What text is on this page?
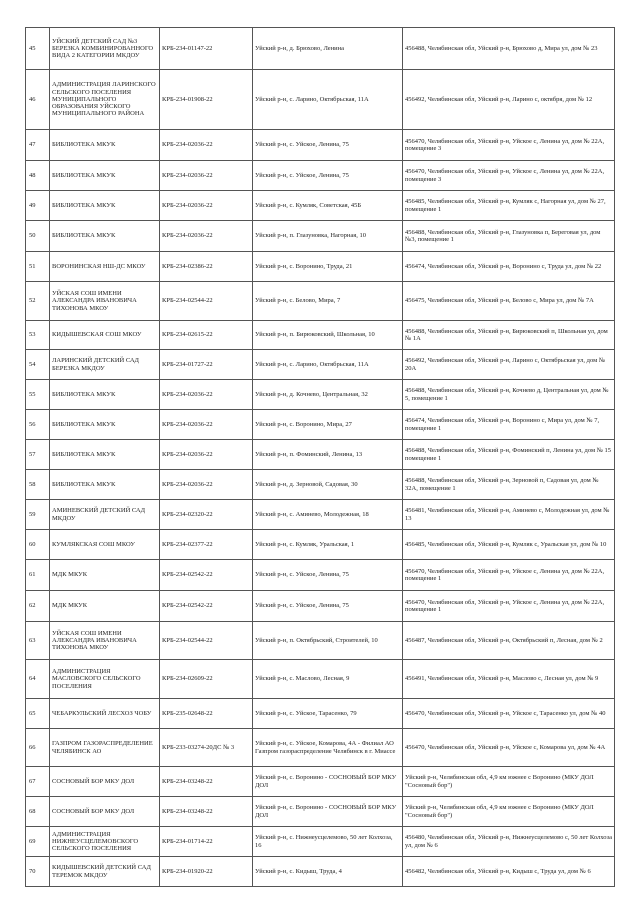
45	УЙСКИЙ ДЕТСКИЙ САД №3 БЕРЕЗКА КОМБИНИРОВАННОГО ВИДА 2 КАТЕГОРИИ МКДОУ	КРБ-234-01147-22	Уйский р-н, д. Брюхово, Ленина	456488, Челябинская обл, Уйский р-н, Брюхово д, Мира ул, дом № 23
46	АДМИНИСТРАЦИЯ ЛАРИНСКОГО СЕЛЬСКОГО ПОСЕЛЕНИЯ МУНИЦИПАЛЬНОГО ОБРАЗОВАНИЯ УЙСКОГО МУНИЦИПАЛЬНОГО РАЙОНА	КРБ-234-01908-22	Уйский р-н, с. Ларино, Октябрьская, 11А	456492, Челябинская обл, Уйский р-н, Ларино с, октября, дом № 12
47	БИБЛИОТЕКА МКУК	КРБ-234-02036-22	Уйский р-н, с. Уйское, Ленина, 75	456470, Челябинская обл, Уйский р-н, Уйское с, Ленина ул, дом № 22А, помещение 3
48	БИБЛИОТЕКА МКУК	КРБ-234-02036-22	Уйский р-н, с. Уйское, Ленина, 75	456470, Челябинская обл, Уйский р-н, Уйское с, Ленина ул, дом № 22А, помещение 3
49	БИБЛИОТЕКА МКУК	КРБ-234-02036-22	Уйский р-н, с. Кумляк, Советская, 45Б	456485, Челябинская обл, Уйский р-н, Кумляк с, Нагорная ул, дом № 27, помещение 1
50	БИБЛИОТЕКА МКУК	КРБ-234-02036-22	Уйский р-н, п. Глазуновка, Нагорная, 10	456488, Челябинская обл, Уйский р-н, Глазуновка п, Береговая ул, дом №3, помещение 1
51	ВОРОНИНСКАЯ НШ-ДС МКОУ	КРБ-234-02386-22	Уйский р-н, с. Воронино, Труда, 21	456474, Челябинская обл, Уйский р-н, Воронино с, Труда ул, дом № 22
52	УЙСКАЯ СОШ ИМЕНИ АЛЕКСАНДРА ИВАНОВИЧА ТИХОНОВА МКОУ	КРБ-234-02544-22	Уйский р-н, с. Белово, Мира, 7	456475, Челябинская обл, Уйский р-н, Белово с, Мира ул, дом № 7А
53	КИДЫШЕВСКАЯ СОШ МКОУ	КРБ-234-02615-22	Уйский р-н, п. Бирюковский, Школьная, 10	456488, Челябинская обл, Уйский р-н, Бирюковский п, Школьная ул, дом № 1А
54	ЛАРИНСКИЙ ДЕТСКИЙ САД БЕРЕЗКА МКДОУ	КРБ-234-01727-22	Уйский р-н, с. Ларино, Октябрьская, 11А	456492, Челябинская обл, Уйский р-н, Ларино с, Октябрьская ул, дом № 20А
55	БИБЛИОТЕКА МКУК	КРБ-234-02036-22	Уйский р-н, д. Кочнево, Центральная, 32	456488, Челябинская обл, Уйский р-н, Кочнево д, Центральная ул, дом № 5, помещение 1
56	БИБЛИОТЕКА МКУК	КРБ-234-02036-22	Уйский р-н, с. Воронино, Мира, 27	456474, Челябинская обл, Уйский р-н, Воронино с, Мира ул, дом № 7, помещение 1
57	БИБЛИОТЕКА МКУК	КРБ-234-02036-22	Уйский р-н, п. Фоминский, Ленина, 13	456488, Челябинская обл, Уйский р-н, Фоминский п, Ленина ул, дом № 15 помещение 1
58	БИБЛИОТЕКА МКУК	КРБ-234-02036-22	Уйский р-н, д. Зерновой, Садовая, 30	456488, Челябинская обл, Уйский р-н, Зерновой п, Садовая ул, дом № 32А, помещение 1
59	АМИНЕВСКИЙ ДЕТСКИЙ САД МКДОУ	КРБ-234-02320-22	Уйский р-н, с. Аминево, Молодежная, 18	456481, Челябинская обл, Уйский р-н, Аминево с, Молодежная ул, дом № 13
60	КУМЛЯКСКАЯ СОШ МКОУ	КРБ-234-02377-22	Уйский р-н, с. Кумляк, Уральская, 1	456485, Челябинская обл, Уйский р-н, Кумляк с, Уральская ул, дом № 10
61	МДК МКУК	КРБ-234-02542-22	Уйский р-н, с. Уйское, Ленина, 75	456470, Челябинская обл, Уйский р-н, Уйское с, Ленина ул, дом № 22А, помещение 1
62	МДК МКУК	КРБ-234-02542-22	Уйский р-н, с. Уйское, Ленина, 75	456470, Челябинская обл, Уйский р-н, Уйское с, Ленина ул, дом № 22А, помещение 1
63	УЙСКАЯ СОШ ИМЕНИ АЛЕКСАНДРА ИВАНОВИЧА ТИХОНОВА МКОУ	КРБ-234-02544-22	Уйский р-н, п. Октябрьский, Строителей, 10	456487, Челябинская обл, Уйский р-н, Октябрьский п, Лесная, дом № 2
64	АДМИНИСТРАЦИЯ МАСЛОВСКОГО СЕЛЬСКОГО ПОСЕЛЕНИЯ	КРБ-234-02609-22	Уйский р-н, с. Маслово, Лесная, 9	456491, Челябинская обл, Уйский р-н, Маслово с, Лесная ул, дом № 9
65	ЧЕБАРКУЛЬСКИЙ ЛЕСХОЗ ЧОБУ	КРБ-235-02648-22	Уйский р-н, с. Уйское, Тарасенко, 79	456470, Челябинская обл, Уйский р-н, Уйское с, Тарасенко ул, дом № 40
66	ГАЗПРОМ ГАЗОРАСПРЕДЕЛЕНИЕ ЧЕЛЯБИНСК АО	КРБ-233-03274-20ДС № 3	Уйский р-н, с. Уйское, Комарова, 4А - Филиал АО Газпром газораспределение Челябинск в г. Миассе	456470, Челябинская обл, Уйский р-н, Уйское с, Комарова ул, дом № 4А
67	СОСНОВЫЙ БОР МКУ ДОЛ	КРБ-234-03248-22	Уйский р-н, с. Воронино - СОСНОВЫЙ БОР МКУ ДОЛ	Уйский р-н, Челябинская обл, 4,9 км южнее с Воронино (МКУ ДОЛ "Сосновый бор")
68	СОСНОВЫЙ БОР МКУ ДОЛ	КРБ-234-03248-22	Уйский р-н, с. Воронино - СОСНОВЫЙ БОР МКУ ДОЛ	Уйский р-н, Челябинская обл, 4,9 км южнее с Воронино (МКУ ДОЛ "Сосновый бор")
69	АДМИНИСТРАЦИЯ НИЖНЕУСЦЕЛЕМОВСКОГО СЕЛЬСКОГО ПОСЕЛЕНИЯ	КРБ-234-01714-22	Уйский р-н, с. Нижнеусцелемово, 50 лет Колхоза, 16	456480, Челябинская обл, Уйский р-н, Нижнеусцелемово с, 50 лет Колхоза ул, дом № 6
70	КИДЫШЕВСКИЙ ДЕТСКИЙ САД ТЕРЕМОК МКДОУ	КРБ-234-01920-22	Уйский р-н, с. Кидыш, Труда, 4	456482, Челябинская обл, Уйский р-н, Кидыш с, Труда ул, дом № 6
